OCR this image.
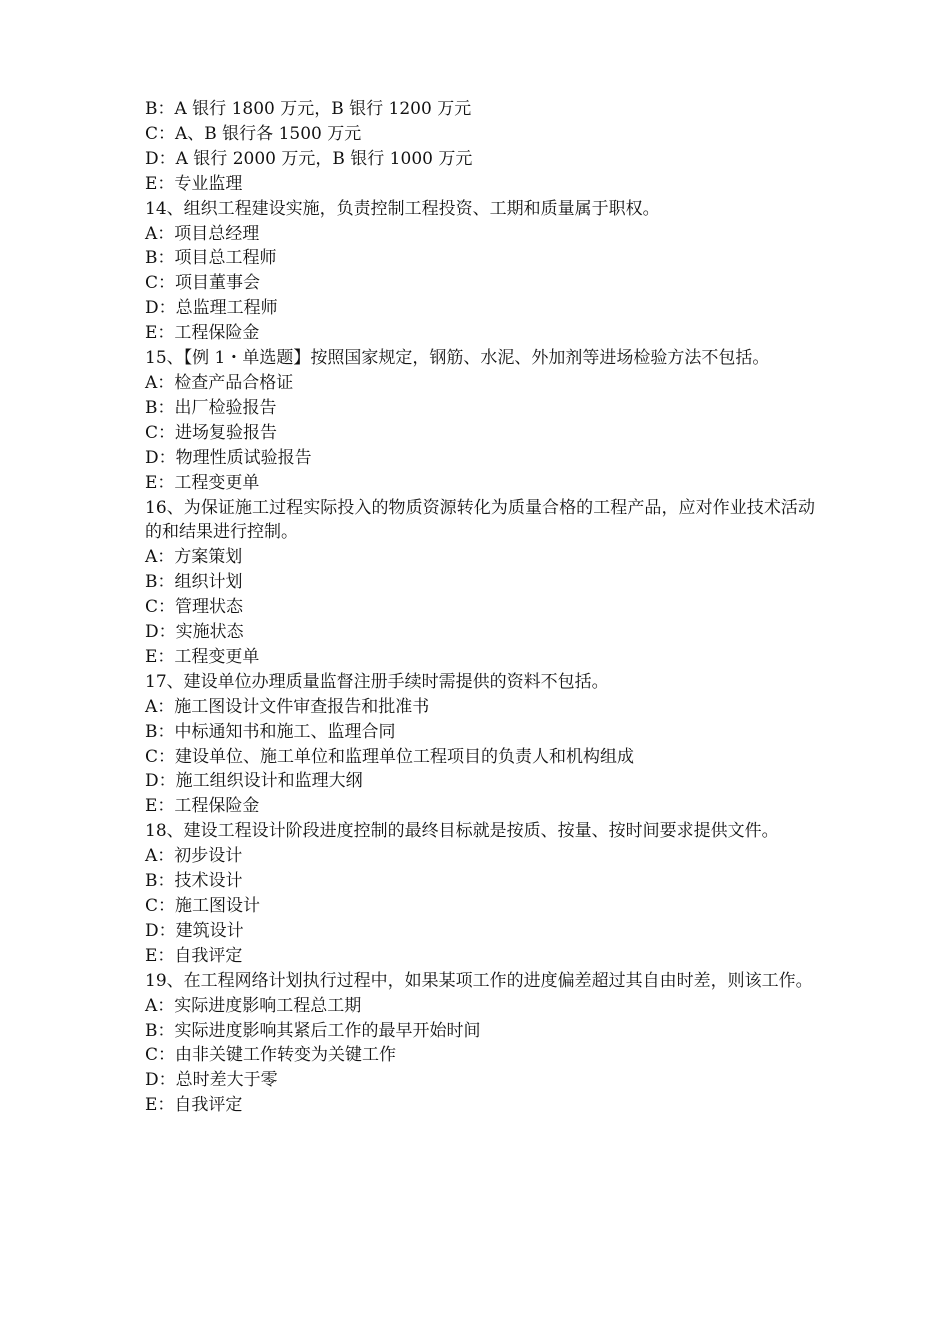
B：A 银行 1800 万元，B 银行 1200 万元

C：A、B 银行各 1500 万元

D：A 银行 2000 万元，B 银行 1000 万元

E：专业监理

14、组织工程建设实施，负责控制工程投资、工期和质量属于职权。

A：项目总经理

B：项目总工程师

C：项目董事会

D：总监理工程师

E：工程保险金

15、【例 1・单选题】按照国家规定，钢筋、水泥、外加剂等进场检验方法不包括。

A：检查产品合格证

B：出厂检验报告

C：进场复验报告

D：物理性质试验报告

E：工程变更单

16、为保证施工过程实际投入的物质资源转化为质量合格的工程产品，应对作业技术活动的和结果进行控制。

A：方案策划

B：组织计划

C：管理状态

D：实施状态

E：工程变更单

17、建设单位办理质量监督注册手续时需提供的资料不包括。

A：施工图设计文件审查报告和批准书

B：中标通知书和施工、监理合同

C：建设单位、施工单位和监理单位工程项目的负责人和机构组成

D：施工组织设计和监理大纲

E：工程保险金

18、建设工程设计阶段进度控制的最终目标就是按质、按量、按时间要求提供文件。

A：初步设计

B：技术设计

C：施工图设计

D：建筑设计

E：自我评定

19、在工程网络计划执行过程中，如果某项工作的进度偏差超过其自由时差，则该工作。

A：实际进度影响工程总工期

B：实际进度影响其紧后工作的最早开始时间

C：由非关键工作转变为关键工作

D：总时差大于零

E：自我评定
